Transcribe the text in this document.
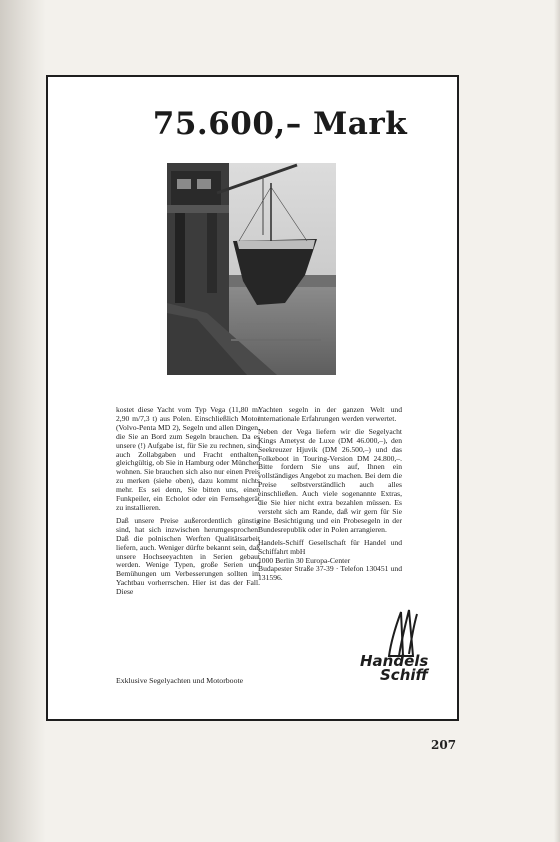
75.600,– Mark

kostet diese Yacht vom Typ Vega (11,80 m/ 2,90 m/7,3 t) aus Polen. Einschließlich Motor (Volvo-Penta MD 2), Segeln und allen Dingen, die Sie an Bord zum Segeln brauchen. Da es unsere (!) Aufgabe ist, für Sie zu rechnen, sind auch Zollabgaben und Fracht enthalten, gleichgültig, ob Sie in Hamburg oder München wohnen. Sie brauchen sich also nur einen Preis zu merken (siehe oben), dazu kommt nichts mehr. Es sei denn, Sie bitten uns, einen Funkpeiler, ein Echolot oder ein Fernsehgerät zu installieren.

Daß unsere Preise außerordentlich günstig sind, hat sich inzwischen herumgesprochen. Daß die polnischen Werften Qualitätsarbeit liefern, auch. Weniger dürfte bekannt sein, daß unsere Hochseeyachten in Serien gebaut werden. Wenige Typen, große Serien und Bemühungen um Verbesserungen sollten im Yachtbau vorherrschen. Hier ist das der Fall. Diese

Yachten segeln in der ganzen Welt und internationale Erfahrungen werden verwertet.

Neben der Vega liefern wir die Segelyacht Kings Ametyst de Luxe (DM 46.000,–), den Seekreuzer Hjuvik (DM 26.500,–) und das Folkeboot in Touring-Version DM 24.800,–. Bitte fordern Sie uns auf, Ihnen ein vollständiges Angebot zu machen. Bei dem die Preise selbstverständlich auch alles einschließen. Auch viele sogenannte Extras, die Sie hier nicht extra bezahlen müssen. Es versteht sich am Rande, daß wir gern für Sie eine Besichtigung und ein Probesegeln in der Bundesrepublik oder in Polen arrangieren.

Handels-Schiff Gesellschaft für Handel und Schiffahrt mbH
1000 Berlin 30 Europa-Center
Budapester Straße 37-39 · Telefon 130451 und 131596.

Exklusive Segelyachten und Motorboote
Handels
Schiff
207
